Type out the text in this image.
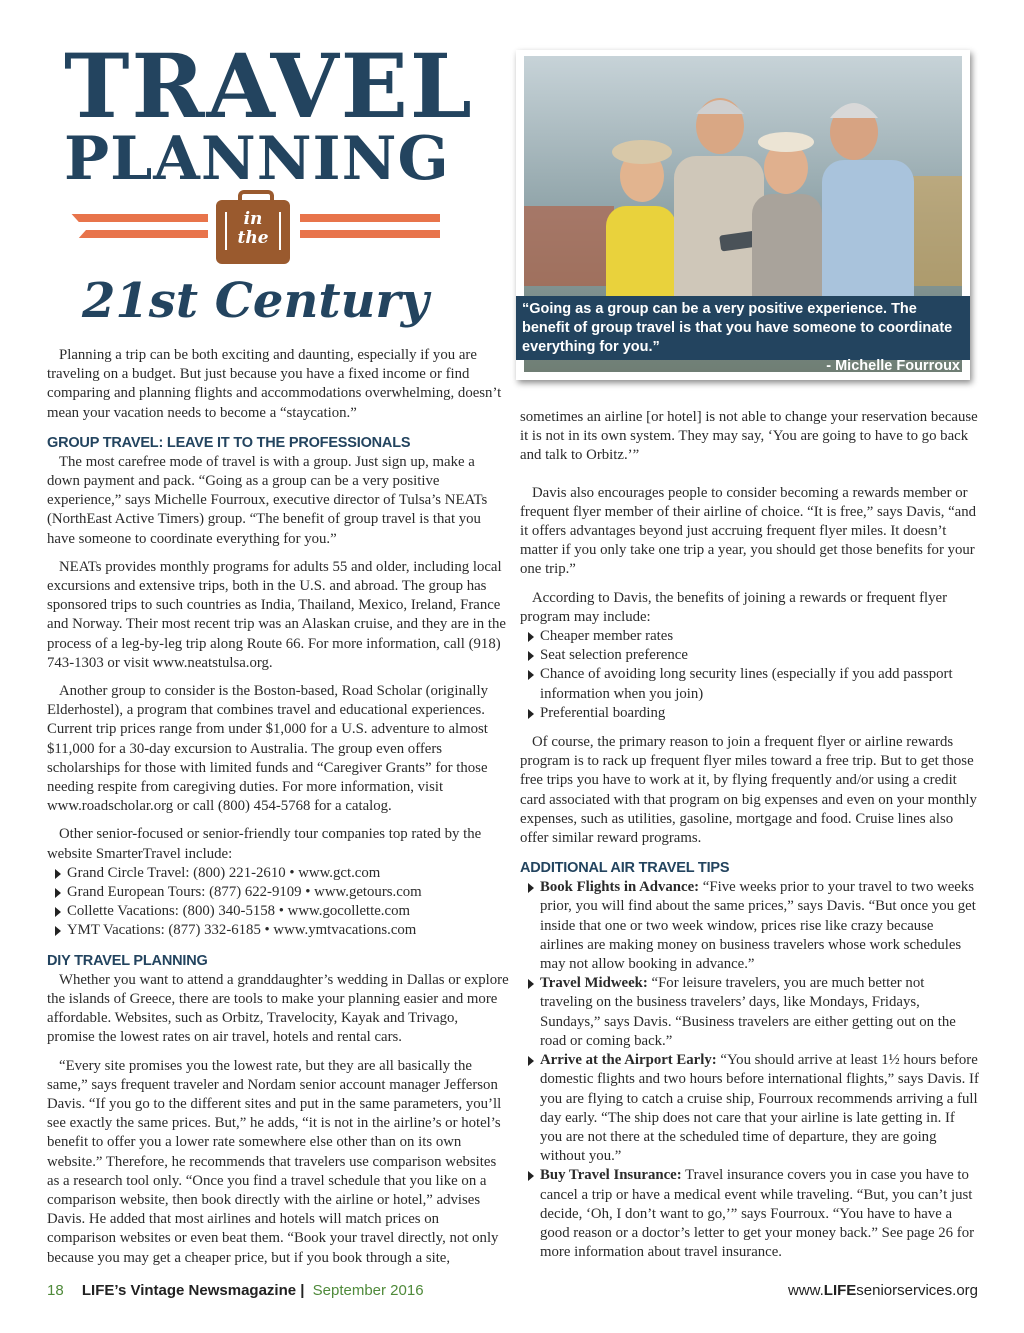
TRAVEL
PLANNING
in
the
21st Century	“Going as a group can be a very positive experience. The benefit of group travel is that you have someone to coordinate everything for you.”
- Michelle Fourroux

Planning a trip can be both exciting and daunting, especially if you are traveling on a budget. But just because you have a fixed income or find comparing and planning flights and accommodations overwhelming, doesn’t mean your vacation needs to become a “staycation.”

GROUP TRAVEL: LEAVE IT TO THE PROFESSIONALS

The most carefree mode of travel is with a group. Just sign up, make a down payment and pack. “Going as a group can be a very positive experience,” says Michelle Fourroux, executive director of Tulsa’s NEATs (NorthEast Active Timers) group. “The benefit of group travel is that you have someone to coordinate everything for you.”

NEATs provides monthly programs for adults 55 and older, including local excursions and extensive trips, both in the U.S. and abroad. The group has sponsored trips to such countries as India, Thailand, Mexico, Ireland, France and Norway. Their most recent trip was an Alaskan cruise, and they are in the process of a leg-by-leg trip along Route 66. For more information, call (918) 743-1303 or visit www.neatstulsa.org.

Another group to consider is the Boston-based, Road Scholar (originally Elderhostel), a program that combines travel and educational experiences. Current trip prices range from under $1,000 for a U.S. adventure to almost $11,000 for a 30-day excursion to Australia. The group even offers scholarships for those with limited funds and “Caregiver Grants” for those needing respite from caregiving duties. For more information, visit www.roadscholar.org or call (800) 454-5768 for a catalog.

Other senior-focused or senior-friendly tour companies top rated by the website SmarterTravel include:

Grand Circle Travel: (800) 221-2610 • www.gct.com
Grand European Tours: (877) 622-9109 • www.getours.com
Collette Vacations: (800) 340-5158 • www.gocollette.com
YMT Vacations: (877) 332-6185 • www.ymtvacations.com
DIY TRAVEL PLANNING

Whether you want to attend a granddaughter’s wedding in Dallas or explore the islands of Greece, there are tools to make your planning easier and more affordable. Websites, such as Orbitz, Travelocity, Kayak and Trivago, promise the lowest rates on air travel, hotels and rental cars.

“Every site promises you the lowest rate, but they are all basically the same,” says frequent traveler and Nordam senior account manager Jefferson Davis. “If you go to the different sites and put in the same parameters, you’ll see exactly the same prices. But,” he adds, “it is not in the airline’s or hotel’s benefit to offer you a lower rate somewhere else other than on its own website.” Therefore, he recommends that travelers use comparison websites as a research tool only. “Once you find a travel schedule that you like on a comparison website, then book directly with the airline or hotel,” advises Davis. He added that most airlines and hotels will match prices on comparison websites or even beat them. “Book your travel directly, not only because you may get a cheaper price, but if you book through a site,

sometimes an airline [or hotel] is not able to change your reservation because it is not in its own system. They may say, ‘You are going to have to go back and talk to Orbitz.’”

Davis also encourages people to consider becoming a rewards member or frequent flyer member of their airline of choice. “It is free,” says Davis, “and it offers advantages beyond just accruing frequent flyer miles. It doesn’t matter if you only take one trip a year, you should get those benefits for your one trip.”

According to Davis, the benefits of joining a rewards or frequent flyer program may include:

Cheaper member rates
Seat selection preference
Chance of avoiding long security lines (especially if you add passport information when you join)
Preferential boarding

Of course, the primary reason to join a frequent flyer or airline rewards program is to rack up frequent flyer miles toward a free trip. But to get those free trips you have to work at it, by flying frequently and/or using a credit card associated with that program on big expenses and even on your monthly expenses, such as utilities, gasoline, mortgage and food. Cruise lines also offer similar reward programs.

ADDITIONAL AIR TRAVEL TIPS
Book Flights in Advance: “Five weeks prior to your travel to two weeks prior, you will find about the same prices,” says Davis. “But once you get inside that one or two week window, prices rise like crazy because airlines are making money on business travelers whose work schedules may not allow booking in advance.”
Travel Midweek: “For leisure travelers, you are much better not traveling on the business travelers’ days, like Mondays, Fridays, Sundays,” says Davis. “Business travelers are either getting out on the road or coming back.”
Arrive at the Airport Early: “You should arrive at least 1½ hours before domestic flights and two hours before international flights,” says Davis. If you are flying to catch a cruise ship, Fourroux recommends arriving a full day early. “The ship does not care that your airline is late getting in. If you are not there at the scheduled time of departure, they are going without you.”
Buy Travel Insurance: Travel insurance covers you in case you have to cancel a trip or have a medical event while traveling. “But, you can’t just decide, ‘Oh, I don’t want to go,’” says Fourroux. “You have to have a good reason or a doctor’s letter to get your money back.” See page 26 for more information about travel insurance.
18 LIFE’s Vintage Newsmagazine | September 2016	www.LIFEseniorservices.org
